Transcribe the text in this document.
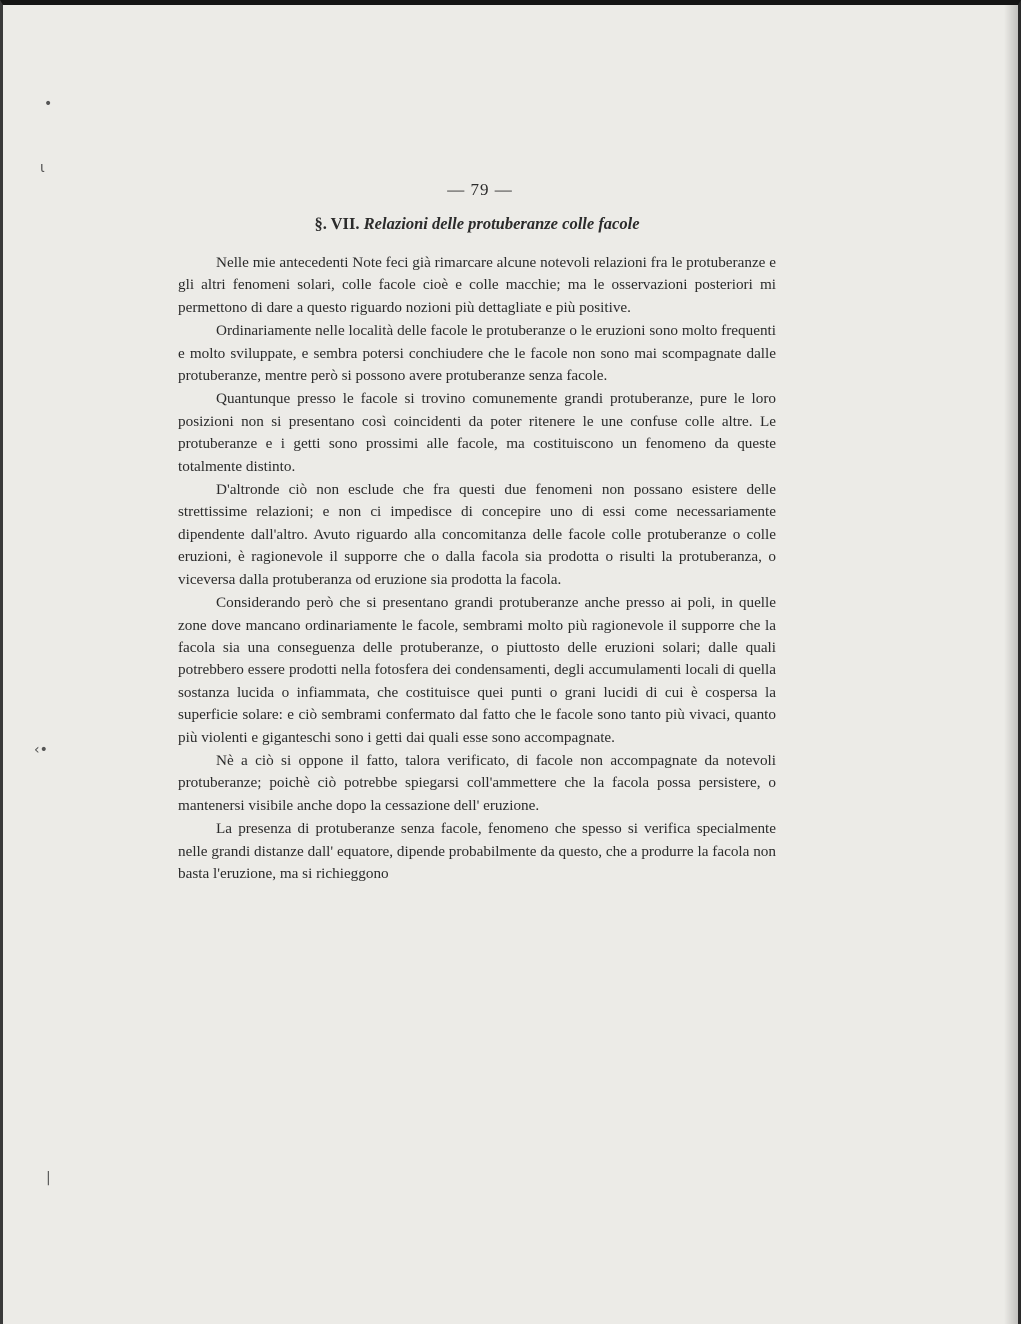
•
ι
‹•
|
— 79 —
§. VII. Relazioni delle protuberanze colle facole

Nelle mie antecedenti Note feci già rimarcare alcune notevoli relazioni fra le protuberanze e gli altri fenomeni solari, colle facole cioè e colle macchie; ma le osservazioni posteriori mi permettono di dare a questo riguardo nozioni più dettagliate e più positive.

Ordinariamente nelle località delle facole le protuberanze o le eruzioni sono molto frequenti e molto sviluppate, e sembra potersi conchiudere che le facole non sono mai scompagnate dalle protuberanze, mentre però si possono avere protuberanze senza facole.

Quantunque presso le facole si trovino comunemente grandi protuberanze, pure le loro posizioni non si presentano così coincidenti da poter ritenere le une confuse colle altre. Le protuberanze e i getti sono prossimi alle facole, ma costituiscono un fenomeno da queste totalmente distinto.

D'altronde ciò non esclude che fra questi due fenomeni non possano esistere delle strettissime relazioni; e non ci impedisce di concepire uno di essi come necessariamente dipendente dall'altro. Avuto riguardo alla concomitanza delle facole colle protuberanze o colle eruzioni, è ragionevole il supporre che o dalla facola sia prodotta o risulti la protuberanza, o viceversa dalla protuberanza od eruzione sia prodotta la facola.

Considerando però che si presentano grandi protuberanze anche presso ai poli, in quelle zone dove mancano ordinariamente le facole, sembrami molto più ragionevole il supporre che la facola sia una conseguenza delle protuberanze, o piuttosto delle eruzioni solari; dalle quali potrebbero essere prodotti nella fotosfera dei condensamenti, degli accumulamenti locali di quella sostanza lucida o infiammata, che costituisce quei punti o grani lucidi di cui è cospersa la superficie solare: e ciò sembrami confermato dal fatto che le facole sono tanto più vivaci, quanto più violenti e giganteschi sono i getti dai quali esse sono accompagnate.

Nè a ciò si oppone il fatto, talora verificato, di facole non accompagnate da notevoli protuberanze; poichè ciò potrebbe spiegarsi coll'ammettere che la facola possa persistere, o mantenersi visibile anche dopo la cessazione dell' eruzione.

La presenza di protuberanze senza facole, fenomeno che spesso si verifica specialmente nelle grandi distanze dall' equatore, dipende probabilmente da questo, che a produrre la facola non basta l'eruzione, ma si richieggono
